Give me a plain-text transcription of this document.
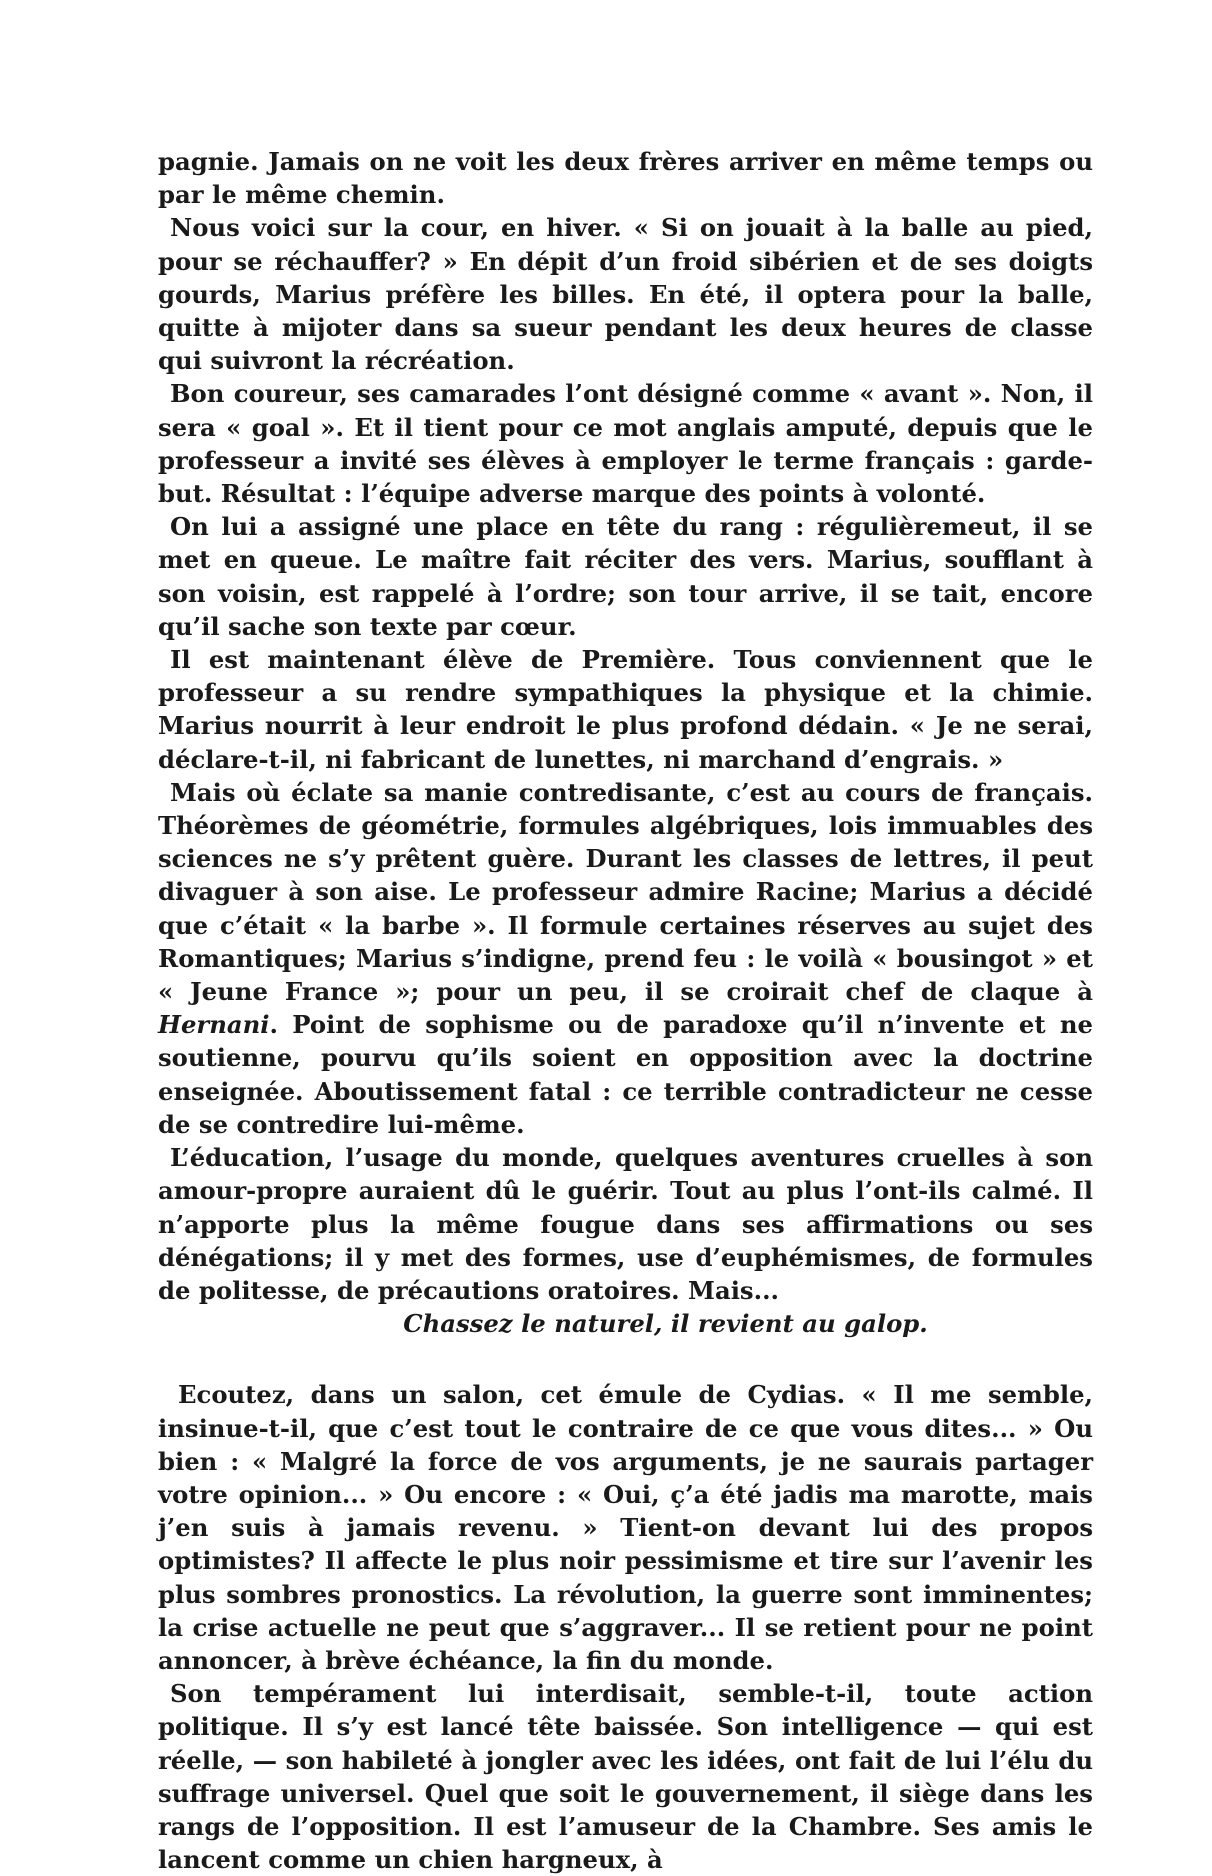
pagnie. Jamais on ne voit les deux frères arriver en même temps ou par le même chemin.

Nous voici sur la cour, en hiver. « Si on jouait à la balle au pied, pour se réchauffer? » En dépit d’un froid sibérien et de ses doigts gourds, Marius préfère les billes. En été, il optera pour la balle, quitte à mijoter dans sa sueur pendant les deux heures de classe qui suivront la récréation.

Bon coureur, ses camarades l’ont désigné comme « avant ». Non, il sera « goal ». Et il tient pour ce mot anglais amputé, depuis que le professeur a invité ses élèves à employer le terme français : garde-but. Résultat : l’équipe adverse marque des points à volonté.

On lui a assigné une place en tête du rang : régulièremeut, il se met en queue. Le maître fait réciter des vers. Marius, soufflant à son voisin, est rappelé à l’ordre; son tour arrive, il se tait, encore qu’il sache son texte par cœur.

Il est maintenant élève de Première. Tous conviennent que le professeur a su rendre sympathiques la physique et la chimie. Marius nourrit à leur endroit le plus profond dédain. « Je ne serai, déclare-t-il, ni fabricant de lunettes, ni marchand d’engrais. »

Mais où éclate sa manie contredisante, c’est au cours de français. Théorèmes de géométrie, formules algébriques, lois immuables des sciences ne s’y prêtent guère. Durant les classes de lettres, il peut divaguer à son aise. Le professeur admire Racine; Marius a décidé que c’était « la barbe ». Il formule certaines réserves au sujet des Romantiques; Marius s’indigne, prend feu : le voilà « bousingot » et « Jeune France »; pour un peu, il se croirait chef de claque à Hernani. Point de sophisme ou de paradoxe qu’il n’invente et ne soutienne, pourvu qu’ils soient en opposition avec la doctrine enseignée. Aboutissement fatal : ce terrible contradicteur ne cesse de se contredire lui-même.

L’éducation, l’usage du monde, quelques aventures cruelles à son amour-propre auraient dû le guérir. Tout au plus l’ont-ils calmé. Il n’apporte plus la même fougue dans ses affirmations ou ses dénégations; il y met des formes, use d’euphémismes, de formules de politesse, de précautions oratoires. Mais...

Chassez le naturel, il revient au galop.

Ecoutez, dans un salon, cet émule de Cydias. « Il me semble, insinue-t-il, que c’est tout le contraire de ce que vous dites... » Ou bien : « Malgré la force de vos arguments, je ne saurais partager votre opinion... » Ou encore : « Oui, ç’a été jadis ma marotte, mais j’en suis à jamais revenu. » Tient-on devant lui des propos optimistes? Il affecte le plus noir pessimisme et tire sur l’avenir les plus sombres pronostics. La révolution, la guerre sont imminentes; la crise actuelle ne peut que s’aggraver... Il se retient pour ne point annoncer, à brève échéance, la fin du monde.

Son tempérament lui interdisait, semble-t-il, toute action politique. Il s’y est lancé tête baissée. Son intelligence — qui est réelle, — son habileté à jongler avec les idées, ont fait de lui l’élu du suffrage universel. Quel que soit le gouvernement, il siège dans les rangs de l’opposition. Il est l’amuseur de la Chambre. Ses amis le lancent comme un chien hargneux, à
